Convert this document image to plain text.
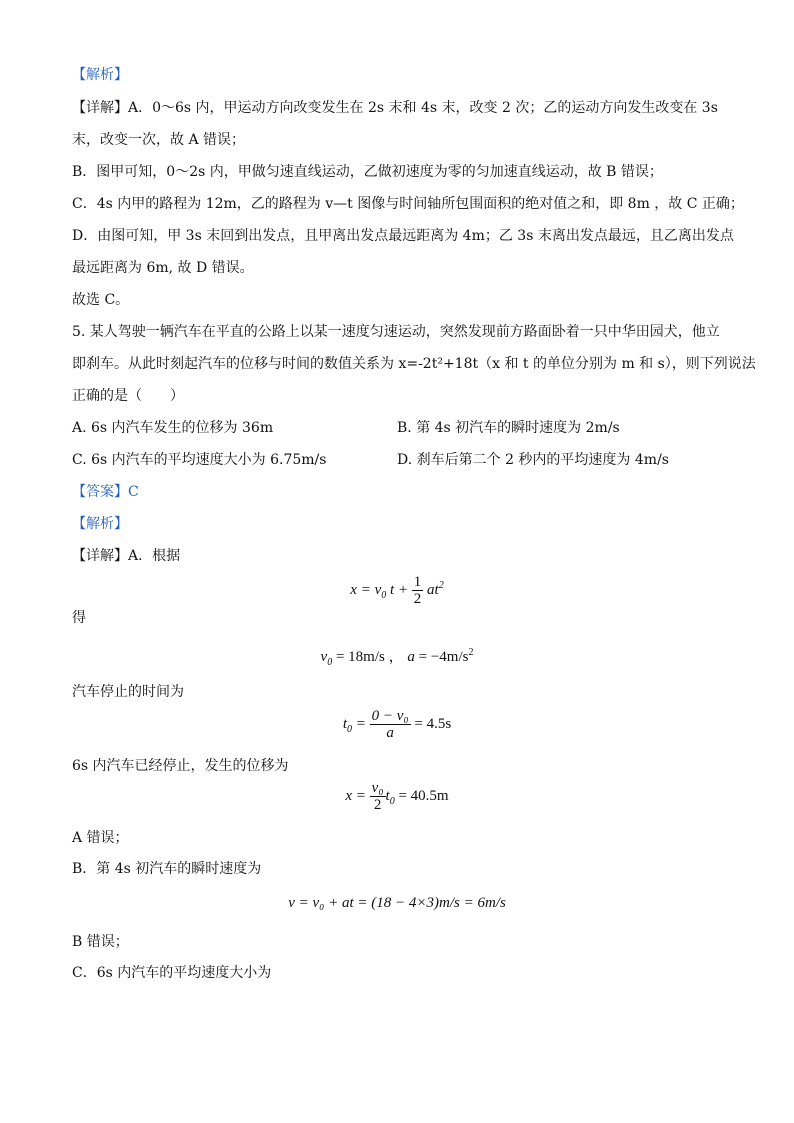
【解析】
【详解】A．0～6s 内，甲运动方向改变发生在 2s 末和 4s 末，改变 2 次；乙的运动方向发生改变在 3s
末，改变一次，故 A 错误；
B．图甲可知，0～2s 内，甲做匀速直线运动，乙做初速度为零的匀加速直线运动，故 B 错误；
C．4s 内甲的路程为 12m，乙的路程为 v—t 图像与时间轴所包围面积的绝对值之和，即 8m ，故 C 正确；
D．由图可知，甲 3s 末回到出发点，且甲离出发点最远距离为 4m；乙 3s 末离出发点最远，且乙离出发点
最远距离为 6m, 故 D 错误。
故选 C。
5. 某人驾驶一辆汽车在平直的公路上以某一速度匀速运动，突然发现前方路面卧着一只中华田园犬，他立
即刹车。从此时刻起汽车的位移与时间的数值关系为 x=-2t²+18t（x 和 t 的单位分别为 m 和 s），则下列说法
正确的是（　　）
A. 6s 内汽车发生的位移为 36m	B. 第 4s 初汽车的瞬时速度为 2m/s
C. 6s 内汽车的平均速度大小为 6.75m/s	D. 刹车后第二个 2 秒内的平均速度为 4m/s
【答案】C
【解析】
【详解】A．根据
$x = v_0$ $t + \frac{1}{2} at^2$
得
$v_0 = 18m/s$ ， $a = -4m/s^2$
汽车停止的时间为
$t_0 = \frac{\text{0 − v₀}}{a} = 4.5s$
6s 内汽车已经停止，发生的位移为
$x = \frac{\text{v₀}}{2} t_0 = 40.5m$
A 错误；
B．第 4s 初汽车的瞬时速度为
v = v₀ + at = (18 − 4×3)m/s = 6m/s
B 错误；
C．6s 内汽车的平均速度大小为
